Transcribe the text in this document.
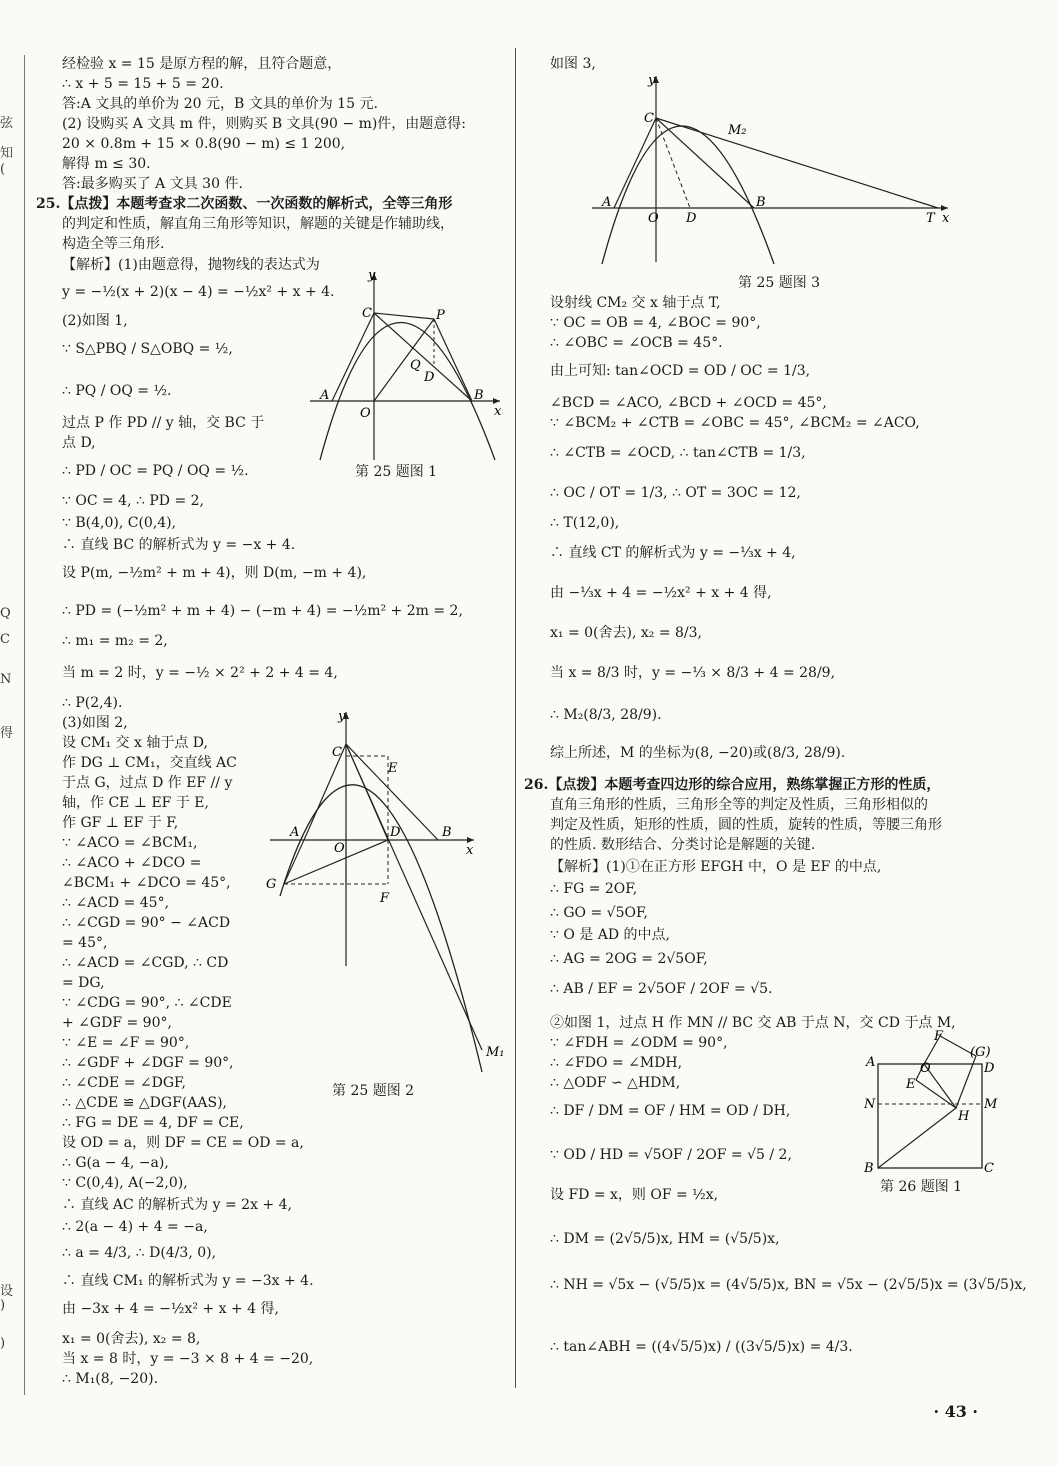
弦
知
(
Q
C
N
得
设
)
)
经检验 x = 15 是原方程的解，且符合题意，
∴ x + 5 = 15 + 5 = 20.
答:A 文具的单价为 20 元，B 文具的单价为 15 元.
(2) 设购买 A 文具 m 件，则购买 B 文具(90 − m)件，由题意得:
20 × 0.8m + 15 × 0.8(90 − m) ≤ 1 200,
解得 m ≤ 30.
答:最多购买了 A 文具 30 件.
25.【点拨】本题考查求二次函数、一次函数的解析式，全等三角形
的判定和性质，解直角三角形等知识，解题的关键是作辅助线，
构造全等三角形.
【解析】(1)由题意得，抛物线的表达式为
y = −½(x + 2)(x − 4) = −½x² + x + 4.
(2)如图 1,
∵ S△PBQ / S△OBQ = ½,
∴ PQ / OQ = ½.
过点 P 作 PD // y 轴，交 BC 于
点 D,
∴ PD / OC = PQ / OQ = ½.
∵ OC = 4, ∴ PD = 2,
∵ B(4,0), C(0,4),
∴ 直线 BC 的解析式为 y = −x + 4.
设 P(m, −½m² + m + 4)，则 D(m, −m + 4),
∴ PD = (−½m² + m + 4) − (−m + 4) = −½m² + 2m = 2,
∴ m₁ = m₂ = 2,
当 m = 2 时，y = −½ × 2² + 2 + 4 = 4,
∴ P(2,4).
(3)如图 2,
设 CM₁ 交 x 轴于点 D,
作 DG ⊥ CM₁，交直线 AC
于点 G，过点 D 作 EF // y
轴，作 CE ⊥ EF 于 E,
作 GF ⊥ EF 于 F,
∵ ∠ACO = ∠BCM₁,
∴ ∠ACO + ∠DCO =
∠BCM₁ + ∠DCO = 45°,
∴ ∠ACD = 45°,
∴ ∠CGD = 90° − ∠ACD
= 45°,
∴ ∠ACD = ∠CGD, ∴ CD
= DG,
∵ ∠CDG = 90°, ∴ ∠CDE
+ ∠GDF = 90°,
∵ ∠E = ∠F = 90°,
∴ ∠GDF + ∠DGF = 90°,
∴ ∠CDE = ∠DGF,
∴ △CDE ≌ △DGF(AAS),
∴ FG = DE = 4, DF = CE,
设 OD = a，则 DF = CE = OD = a,
∴ G(a − 4, −a),
∵ C(0,4), A(−2,0),
∴ 直线 AC 的解析式为 y = 2x + 4,
∴ 2(a − 4) + 4 = −a,
∴ a = 4/3, ∴ D(4/3, 0),
∴ 直线 CM₁ 的解析式为 y = −3x + 4.
由 −3x + 4 = −½x² + x + 4 得,
x₁ = 0(舍去), x₂ = 8,
当 x = 8 时，y = −3 × 8 + 4 = −20,
∴ M₁(8, −20).
x
y
O
A	B
C	P
Q
D
第 25 题图 1
x
y
O
A	B
C
D
E
F
G
M₁
第 25 题图 2
如图 3,
设射线 CM₂ 交 x 轴于点 T,
∵ OC = OB = 4, ∠BOC = 90°,
∴ ∠OBC = ∠OCB = 45°.
由上可知: tan∠OCD = OD / OC = 1/3,
∠BCD = ∠ACO, ∠BCD + ∠OCD = 45°,
∵ ∠BCM₂ + ∠CTB = ∠OBC = 45°, ∠BCM₂ = ∠ACO,
∴ ∠CTB = ∠OCD, ∴ tan∠CTB = 1/3,
∴ OC / OT = 1/3, ∴ OT = 3OC = 12,
∴ T(12,0),
∴ 直线 CT 的解析式为 y = −⅓x + 4,
由 −⅓x + 4 = −½x² + x + 4 得,
x₁ = 0(舍去), x₂ = 8/3,
当 x = 8/3 时，y = −⅓ × 8/3 + 4 = 28/9,
∴ M₂(8/3, 28/9).
综上所述，M 的坐标为(8, −20)或(8/3, 28/9).
26.【点拨】本题考查四边形的综合应用，熟练掌握正方形的性质，
直角三角形的性质，三角形全等的判定及性质，三角形相似的
判定及性质，矩形的性质，圆的性质，旋转的性质，等腰三角形
的性质. 数形结合、分类讨论是解题的关键.
【解析】(1)①在正方形 EFGH 中，O 是 EF 的中点,
∴ FG = 2OF,
∴ GO = √5OF,
∵ O 是 AD 的中点,
∴ AG = 2OG = 2√5OF,
∴ AB / EF = 2√5OF / 2OF = √5.
②如图 1，过点 H 作 MN // BC 交 AB 于点 N，交 CD 于点 M,
∵ ∠FDH = ∠ODM = 90°,
∴ ∠FDO = ∠MDH,
∴ △ODF ∽ △HDM,
∴ DF / DM = OF / HM = OD / DH,
∵ OD / HD = √5OF / 2OF = √5 / 2,
设 FD = x，则 OF = ½x,
∴ DM = (2√5/5)x, HM = (√5/5)x,
∴ NH = √5x − (√5/5)x = (4√5/5)x, BN = √5x − (2√5/5)x = (3√5/5)x,
∴ tan∠ABH = ((4√5/5)x) / ((3√5/5)x) = 4/3.
x
y
O
A	B
C
D	T
M₂
第 25 题图 3
A
N
B	C
D
M
H
E
F
O
(G)
第 26 题图 1
· 43 ·
